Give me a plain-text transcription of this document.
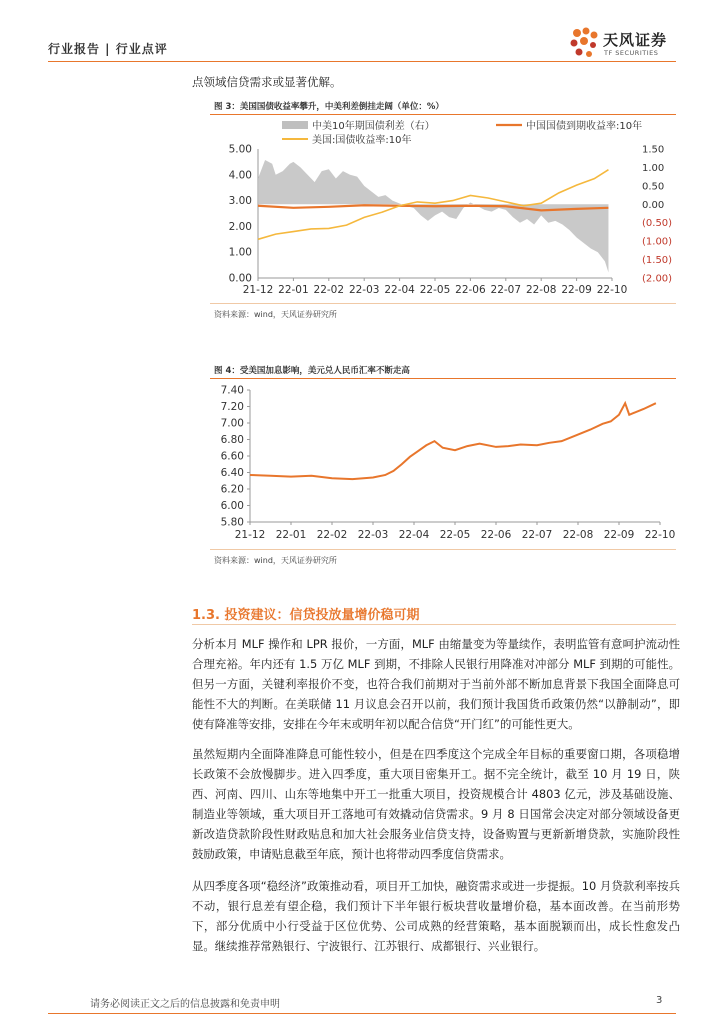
行业报告 | 行业点评	天风证券
TF SECURITIES
点领域信贷需求或显著优解。
图 3：美国国债收益率攀升，中美利差倒挂走阔（单位：%）
0.00
1.00
2.00
3.00
4.00
5.00
(2.00)
(1.50)
(1.00)
(0.50)
0.00
0.50
1.00
1.50
21-12 22-01 22-02 22-03 22-04 22-05 22-06 22-07 22-08 22-09 22-10
中美10年期国债利差（右）	中国国债到期收益率:10年
美国:国债收益率:10年
资料来源：wind，天风证券研究所
图 4：受美国加息影响，美元兑人民币汇率不断走高
5.80
6.00
6.20
6.40
6.60
6.80
7.00
7.20
7.40
21-12 22-01 22-02 22-03 22-04 22-05 22-06 22-07 22-08 22-09 22-10
资料来源：wind，天风证券研究所
1.3. 投资建议：信贷投放量增价稳可期
分析本月 MLF 操作和 LPR 报价，一方面，MLF 由缩量变为等量续作，表明监管有意呵护流动性合理充裕。年内还有 1.5 万亿 MLF 到期，不排除人民银行用降准对冲部分 MLF 到期的可能性。但另一方面，关键利率报价不变，也符合我们前期对于当前外部不断加息背景下我国全面降息可能性不大的判断。在美联储 11 月议息会召开以前，我们预计我国货币政策仍然“以静制动”，即使有降准等安排，安排在今年末或明年初以配合信贷“开门红”的可能性更大。
虽然短期内全面降准降息可能性较小，但是在四季度这个完成全年目标的重要窗口期，各项稳增长政策不会放慢脚步。进入四季度，重大项目密集开工。据不完全统计，截至 10 月 19 日，陕西、河南、四川、山东等地集中开工一批重大项目，投资规模合计 4803 亿元，涉及基础设施、制造业等领域，重大项目开工落地可有效撬动信贷需求。9 月 8 日国常会决定对部分领域设备更新改造贷款阶段性财政贴息和加大社会服务业信贷支持，设备购置与更新新增贷款，实施阶段性鼓励政策，申请贴息截至年底，预计也将带动四季度信贷需求。
从四季度各项“稳经济”政策推动看，项目开工加快，融资需求或进一步提振。10 月贷款利率按兵不动，银行息差有望企稳，我们预计下半年银行板块营收量增价稳，基本面改善。在当前形势下，部分优质中小行受益于区位优势、公司成熟的经营策略，基本面脱颖而出，成长性愈发凸显。继续推荐常熟银行、宁波银行、江苏银行、成都银行、兴业银行。
请务必阅读正文之后的信息披露和免责申明	3
